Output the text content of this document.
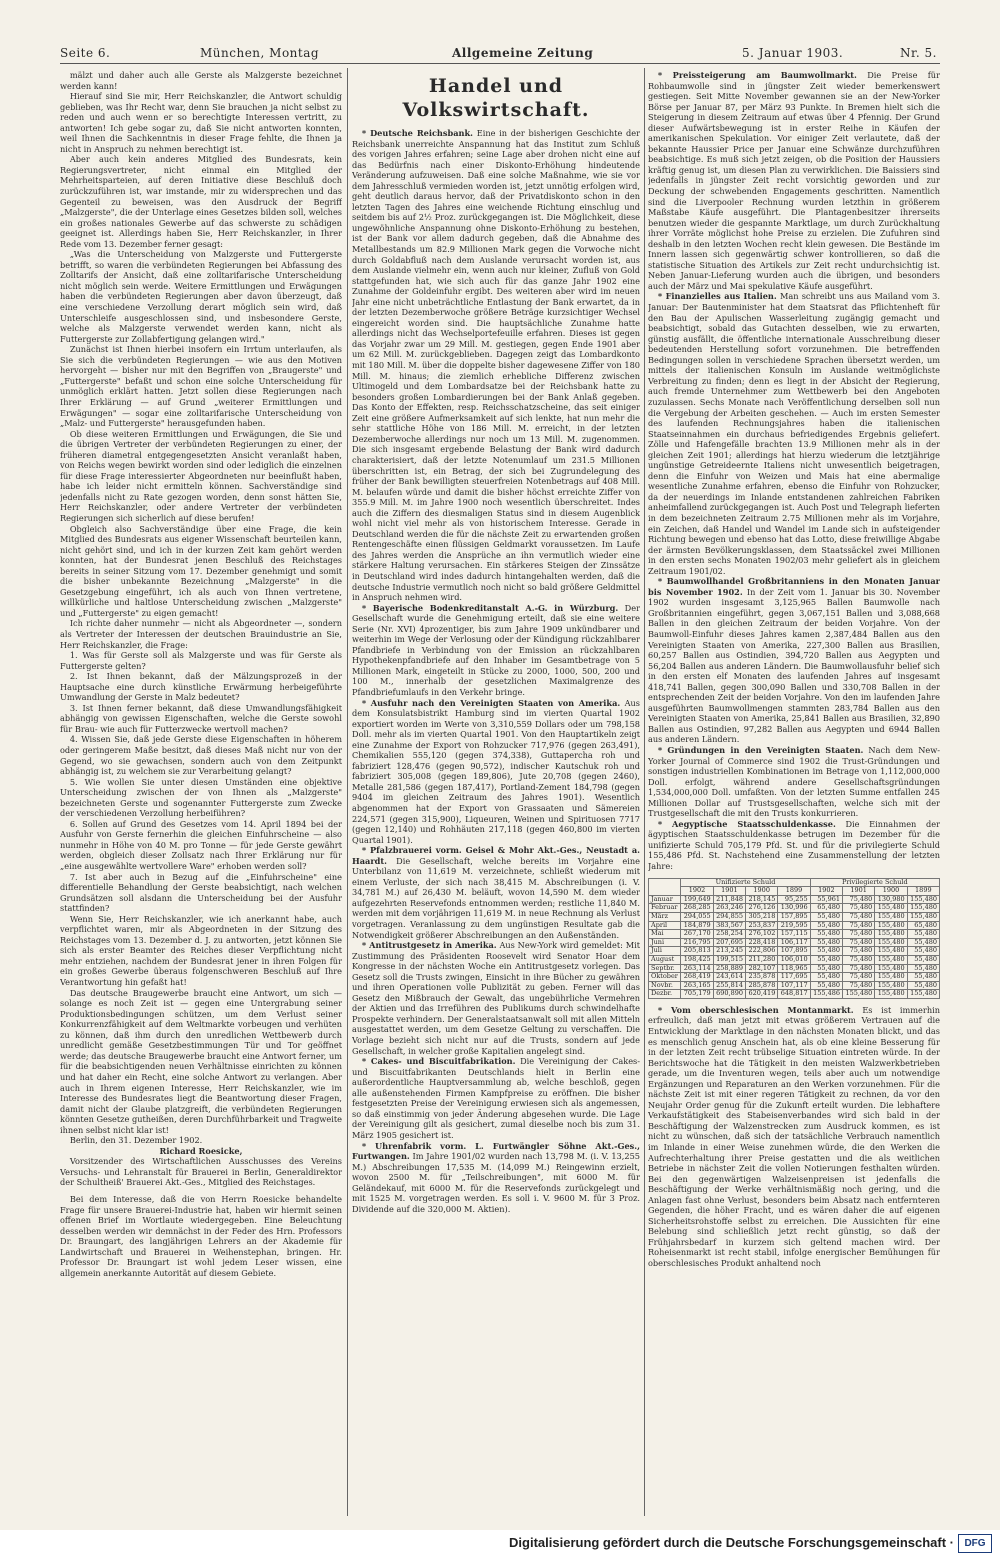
Seite 6.	München, Montag	Allgemeine Zeitung	5. Januar 1903.	Nr. 5.

mälzt und daher auch alle Gerste als Malzgerste bezeichnet werden kann!

Hierauf sind Sie mir, Herr Reichskanzler, die Antwort schuldig geblieben, was Ihr Recht war, denn Sie brauchen ja nicht selbst zu reden und auch wenn er so berechtigte Interessen vertritt, zu antworten! Ich gebe sogar zu, daß Sie nicht antworten konnten, weil Ihnen die Sachkenntnis in dieser Frage fehlte, die Ihnen ja nicht in Anspruch zu nehmen berechtigt ist.

Aber auch kein anderes Mitglied des Bundesrats, kein Regierungsvertreter, nicht einmal ein Mitglied der Mehrheitsparteien, auf deren Initiative diese Beschluß doch zurückzuführen ist, war imstande, mir zu widersprechen und das Gegenteil zu beweisen, was den Ausdruck der Begriff „Malzgerste", die der Unterlage eines Gesetzes bilden soll, welches ein großes nationales Gewerbe auf das schwerste zu schädigen geeignet ist. Allerdings haben Sie, Herr Reichskanzler, in Ihrer Rede vom 13. Dezember ferner gesagt:

„Was die Unterscheidung von Malzgerste und Futtergerste betrifft, so waren die verbündeten Regierungen bei Abfassung des Zolltarifs der Ansicht, daß eine zolltarifarische Unterscheidung nicht möglich sein werde. Weitere Ermittlungen und Erwägungen haben die verbündeten Regierungen aber davon überzeugt, daß eine verschiedene Verzollung derart möglich sein wird, daß Unterschleife ausgeschlossen sind, und insbesondere Gerste, welche als Malzgerste verwendet werden kann, nicht als Futtergerste zur Zollabfertigung gelangen wird."

Zunächst ist Ihnen hierbei insofern ein Irrtum unterlaufen, als Sie sich die verbündeten Regierungen — wie aus den Motiven hervorgeht — bisher nur mit den Begriffen von „Braugerste" und „Futtergerste" befaßt und schon eine solche Unterscheidung für unmöglich erklärt hatten. Jetzt sollen diese Regierungen nach Ihrer Erklärung — auf Grund „weiterer Ermittlungen und Erwägungen" — sogar eine zolltarifarische Unterscheidung von „Malz- und Futtergerste" herausgefunden haben.

Ob diese weiteren Ermittlungen und Erwägungen, die Sie und die übrigen Vertreter der verbündeten Regierungen zu einer, der früheren diametral entgegengesetzten Ansicht veranlaßt haben, von Reichs wegen bewirkt worden sind oder lediglich die einzelnen für diese Frage interessierter Abgeordneten nur beeinflußt haben, habe ich leider nicht ermitteln können. Sachverständige sind jedenfalls nicht zu Rate gezogen worden, denn sonst hätten Sie, Herr Reichskanzler, oder andere Vertreter der verbündeten Regierungen sich sicherlich auf diese berufen!

Obgleich also Sachverständige über eine Frage, die kein Mitglied des Bundesrats aus eigener Wissenschaft beurteilen kann, nicht gehört sind, und ich in der kurzen Zeit kam gehört werden konnten, hat der Bundesrat jenen Beschluß des Reichstages bereits in seiner Sitzung vom 17. Dezember genehmigt und somit die bisher unbekannte Bezeichnung „Malzgerste" in die Gesetzgebung eingeführt, ich als auch von Ihnen vertretene, willkürliche und haltlose Unterscheidung zwischen „Malzgerste" und „Futtergerste" zu eigen gemacht!

Ich richte daher nunmehr — nicht als Abgeordneter —, sondern als Vertreter der Interessen der deutschen Brauindustrie an Sie, Herr Reichskanzler, die Frage:

1. Was für Gerste soll als Malzgerste und was für Gerste als Futtergerste gelten?

2. Ist Ihnen bekannt, daß der Mälzungsprozeß in der Hauptsache eine durch künstliche Erwärmung herbeigeführte Umwandlung der Gerste in Malz bedeutet?

3. Ist Ihnen ferner bekannt, daß diese Umwandlungsfähigkeit abhängig von gewissen Eigenschaften, welche die Gerste sowohl für Brau- wie auch für Futterzwecke wertvoll machen?

4. Wissen Sie, daß jede Gerste diese Eigenschaften in höherem oder geringerem Maße besitzt, daß dieses Maß nicht nur von der Gegend, wo sie gewachsen, sondern auch von dem Zeitpunkt abhängig ist, zu welchem sie zur Verarbeitung gelangt?

5. Wie wollen Sie unter diesen Umständen eine objektive Unterscheidung zwischen der von Ihnen als „Malzgerste" bezeichneten Gerste und sogenannter Futtergerste zum Zwecke der verschiedenen Verzollung herbeiführen?

6. Sollen auf Grund des Gesetzes vom 14. April 1894 bei der Ausfuhr von Gerste fernerhin die gleichen Einfuhrscheine — also nunmehr in Höhe von 40 M. pro Tonne — für jede Gerste gewährt werden, obgleich dieser Zollsatz nach Ihrer Erklärung nur für „eine ausgewählte wertvollere Ware" erhoben werden soll?

7. Ist aber auch in Bezug auf die „Einfuhrscheine" eine differentielle Behandlung der Gerste beabsichtigt, nach welchen Grundsätzen soll alsdann die Unterscheidung bei der Ausfuhr stattfinden?

Wenn Sie, Herr Reichskanzler, wie ich anerkannt habe, auch verpflichtet waren, mir als Abgeordneten in der Sitzung des Reichstages vom 13. Dezember d. J. zu antworten, jetzt können Sie sich als erster Beamter des Reiches dieser Verpflichtung nicht mehr entziehen, nachdem der Bundesrat jener in ihren Folgen für ein großes Gewerbe überaus folgenschweren Beschluß auf Ihre Verantwortung hin gefaßt hat!

Das deutsche Braugewerbe braucht eine Antwort, um sich — solange es noch Zeit ist — gegen eine Untergrabung seiner Produktionsbedingungen schützen, um dem Verlust seiner Konkurrenzfähigkeit auf dem Weltmarkte vorbeugen und verhüten zu können, daß ihm durch den unredlichen Wettbewerb durch unredlicht gemäße Gesetzbestimmungen Tür und Tor geöffnet werde; das deutsche Braugewerbe braucht eine Antwort ferner, um für die beabsichtigenden neuen Verhältnisse einrichten zu können und hat daher ein Recht, eine solche Antwort zu verlangen. Aber auch in Ihrem eigenen Interesse, Herr Reichskanzler, wie im Interesse des Bundesrates liegt die Beantwortung dieser Fragen, damit nicht der Glaube platzgreift, die verbündeten Regierungen könnten Gesetze gutheißen, deren Durchführbarkeit und Tragweite ihnen selbst nicht klar ist!

Berlin, den 31. Dezember 1902.

Richard Roesicke,

Vorsitzender des Wirtschaftlichen Ausschusses des Vereins Versuchs- und Lehranstalt für Brauerei in Berlin, Generaldirektor der Schultheiß' Brauerei Akt.-Ges., Mitglied des Reichstages.

Bei dem Interesse, daß die von Herrn Roesicke behandelte Frage für unsere Brauerei-Industrie hat, haben wir hiermit seinen offenen Brief im Wortlaute wiedergegeben. Eine Beleuchtung desselben werden wir demnächst in der Feder des Hrn. Professors Dr. Braungart, des langjährigen Lehrers an der Akademie für Landwirtschaft und Brauerei in Weihenstephan, bringen. Hr. Professor Dr. Braungart ist wohl jedem Leser wissen, eine allgemein anerkannte Autorität auf diesem Gebiete.

Handel und Volkswirtschaft.

* Deutsche Reichsbank. Eine in der bisherigen Geschichte der Reichsbank unerreichte Anspannung hat das Institut zum Schluß des vorigen Jahres erfahren; seine Lage aber drohen nicht eine auf das Bedürfnis nach einer Diskonto-Erhöhung hindeutende Veränderung aufzuweisen. Daß eine solche Maßnahme, wie sie vor dem Jahresschluß vermieden worden ist, jetzt unnötig erfolgen wird, geht deutlich daraus hervor, daß der Privatdiskonto schon in den letzten Tagen des Jahres eine weichende Richtung einschlug und seitdem bis auf 2½ Proz. zurückgegangen ist. Die Möglichkeit, diese ungewöhnliche Anspannung ohne Diskonto-Erhöhung zu bestehen, ist der Bank vor allem dadurch gegeben, daß die Abnahme des Metallbestands um 82.9 Millionen Mark gegen die Vorwoche nicht durch Goldabfluß nach dem Auslande verursacht worden ist, aus dem Auslande vielmehr ein, wenn auch nur kleiner, Zufluß von Gold stattgefunden hat, wie sich auch für das ganze Jahr 1902 eine Zunahme der Goldeinfuhr ergibt. Des weiteren aber wird im neuen Jahr eine nicht unbeträchtliche Entlastung der Bank erwartet, da in der letzten Dezemberwoche größere Beträge kurzsichtiger Wechsel eingereicht worden sind. Die hauptsächliche Zunahme hatte allerdings nicht das Wechselportefeuille erfahren. Dieses ist gegen das Vorjahr zwar um 29 Mill. M. gestiegen, gegen Ende 1901 aber um 62 Mill. M. zurückgeblieben. Dagegen zeigt das Lombardkonto mit 180 Mill. M. über die doppelte bisher dagewesene Ziffer von 180 Mill. M. hinaus; die ziemlich erhebliche Differenz zwischen Ultimogeld und dem Lombardsatze bei der Reichsbank hatte zu besonders großen Lombardierungen bei der Bank Anlaß gegeben. Das Konto der Effekten, resp. Reichsschatzscheine, das seit einiger Zeit eine größere Aufmerksamkeit auf sich lenkte, hat nun mehr die sehr stattliche Höhe von 186 Mill. M. erreicht, in der letzten Dezemberwoche allerdings nur noch um 13 Mill. M. zugenommen. Die sich insgesamt ergebende Belastung der Bank wird dadurch charakterisiert, daß der letzte Notenumlauf um 231.5 Millionen überschritten ist, ein Betrag, der sich bei Zugrundelegung des früher der Bank bewilligten steuerfreien Notenbetrags auf 408 Mill. M. belaufen würde und damit die bisher höchst erreichte Ziffer von 355.9 Mill. M. im Jahre 1900 noch wesentlich überschreitet. Indes auch die Ziffern des diesmaligen Status sind in diesem Augenblick wohl nicht viel mehr als von historischem Interesse. Gerade in Deutschland werden die für die nächste Zeit zu erwartenden großen Rentengeschäfte einen flüssigen Geldmarkt voraussetzen. Im Laufe des Jahres werden die Ansprüche an ihn vermutlich wieder eine stärkere Haltung verursachen. Ein stärkeres Steigen der Zinssätze in Deutschland wird indes dadurch hintangehalten werden, daß die deutsche Industrie vermutlich noch nicht so bald größere Geldmittel in Anspruch nehmen wird.

* Bayerische Bodenkreditanstalt A.-G. in Würzburg. Der Gesellschaft wurde die Genehmigung erteilt, daß sie eine weitere Serie (Nr. XVI) 4prozentiger, bis zum Jahre 1909 unkündbarer und weiterhin im Wege der Verlosung oder der Kündigung rückzahlbarer Pfandbriefe in Verbindung von der Emission an rückzahlbaren Hypothekenpfandbriefe auf den Inhaber im Gesamtbetrage von 5 Millionen Mark, eingeteilt in Stücke zu 2000, 1000, 500, 200 und 100 M., innerhalb der gesetzlichen Maximalgrenze des Pfandbriefumlaufs in den Verkehr bringe.

* Ausfuhr nach den Vereinigten Staaten von Amerika. Aus dem Konsulatsbistrikt Hamburg sind im vierten Quartal 1902 exportiert worden im Werte von 3,310,559 Dollars oder um 798,158 Doll. mehr als im vierten Quartal 1901. Von den Hauptartikeln zeigt eine Zunahme der Export von Rohzucker 717,976 (gegen 263,491), Chemikalien 555,120 (gegen 374,338), Guttapercha roh und fabriziert 128,476 (gegen 90,572), indischer Kautschuk roh und fabriziert 305,008 (gegen 189,806), Jute 20,708 (gegen 2460), Metalle 281,586 (gegen 187,417), Portland-Zement 184,798 (gegen 9404 im gleichen Zeitraum des Jahres 1901). Wesentlich abgenommen hat der Export von Grassaaten und Sämereien 224,571 (gegen 315,900), Liqueuren, Weinen und Spirituosen 7717 (gegen 12,140) und Rohhäuten 217,118 (gegen 460,800 im vierten Quartal 1901).

* Pfalzbrauerei vorm. Geisel & Mohr Akt.-Ges., Neustadt a. Haardt. Die Gesellschaft, welche bereits im Vorjahre eine Unterbilanz von 11,619 M. verzeichnete, schließt wiederum mit einem Verluste, der sich nach 38,415 M. Abschreibungen (i. V. 34,781 M.) auf 26,430 M. beläuft, wovon 14,590 M. dem wieder aufgezehrten Reservefonds entnommen werden; restliche 11,840 M. werden mit dem vorjährigen 11,619 M. in neue Rechnung als Verlust vorgetragen. Veranlassung zu dem ungünstigen Resultate gab die Notwendigkeit größerer Abschreibungen an den Außenständen.

* Antitrustgesetz in Amerika. Aus New-York wird gemeldet: Mit Zustimmung des Präsidenten Roosevelt wird Senator Hoar dem Kongresse in der nächsten Woche ein Antitrustgesetz vorlegen. Das Gesetz soll die Trusts zwingen, Einsicht in ihre Bücher zu gewähren und ihren Operationen volle Publizität zu geben. Ferner will das Gesetz den Mißbrauch der Gewalt, das ungebührliche Vermehren der Aktien und das Irreführen des Publikums durch schwindelhafte Prospekte verhindern. Der Generalstaatsanwalt soll mit allen Mitteln ausgestattet werden, um dem Gesetze Geltung zu verschaffen. Die Vorlage bezieht sich nicht nur auf die Trusts, sondern auf jede Gesellschaft, in welcher große Kapitalien angelegt sind.

* Cakes- und Biscuitfabrikation. Die Vereinigung der Cakes- und Biscuitfabrikanten Deutschlands hielt in Berlin eine außerordentliche Hauptversammlung ab, welche beschloß, gegen alle außenstehenden Firmen Kampfpreise zu eröffnen. Die bisher festgesetzten Preise der Vereinigung erwiesen sich als angemessen, so daß einstimmig von jeder Änderung abgesehen wurde. Die Lage der Vereinigung gilt als gesichert, zumal dieselbe noch bis zum 31. März 1905 gesichert ist.

* Uhrenfabrik vorm. L. Furtwängler Söhne Akt.-Ges., Furtwangen. Im Jahre 1901/02 wurden nach 13,798 M. (i. V. 13,255 M.) Abschreibungen 17,535 M. (14,099 M.) Reingewinn erzielt, wovon 2500 M. für „Teilschreibungen", mit 6000 M. für Geländekauf, mit 6000 M. für die Reservefonds zurückgelegt und mit 1525 M. vorgetragen werden. Es soll i. V. 9600 M. für 3 Proz. Dividende auf die 320,000 M. Aktien).

* Preissteigerung am Baumwollmarkt. Die Preise für Rohbaumwolle sind in jüngster Zeit wieder bemerkenswert gestiegen. Seit Mitte November gewannen sie an der New-Yorker Börse per Januar 87, per März 93 Punkte. In Bremen hielt sich die Steigerung in diesem Zeitraum auf etwas über 4 Pfennig. Der Grund dieser Aufwärtsbewegung ist in erster Reihe in Käufen der amerikanischen Spekulation. Vor einiger Zeit verlautete, daß der bekannte Haussier Price per Januar eine Schwänze durchzuführen beabsichtige. Es muß sich jetzt zeigen, ob die Position der Haussiers kräftig genug ist, um diesen Plan zu verwirklichen. Die Baissiers sind jedenfalls in jüngster Zeit recht vorsichtig geworden und zur Deckung der schwebenden Engagements geschritten. Namentlich sind die Liverpooler Rechnung wurden letzthin in größerem Maßstabe Käufe ausgeführt. Die Plantagenbesitzer ihrerseits benutzen wieder die gespannte Marktlage, um durch Zurückhaltung ihrer Vorräte möglichst hohe Preise zu erzielen. Die Zufuhren sind deshalb in den letzten Wochen recht klein gewesen. Die Bestände im Innern lassen sich gegenwärtig schwer kontrollieren, so daß die statistische Situation des Artikels zur Zeit recht undurchsichtig ist. Neben Januar-Lieferung wurden auch die übrigen, und besonders auch der März und Mai spekulative Käufe ausgeführt.

* Finanzielles aus Italien. Man schreibt uns aus Mailand vom 3. Januar: Der Bautenminister hat dem Staatsrat das Pflichtenheft für den Bau der Apulischen Wasserleitung zugängig gemacht und beabsichtigt, sobald das Gutachten desselben, wie zu erwarten, günstig ausfällt, die öffentliche internationale Ausschreibung dieser bedeutenden Herstellung sofort vorzunehmen. Die betreffenden Bedingungen sollen in verschiedene Sprachen übersetzt werden, um mittels der italienischen Konsuln im Auslande weitmöglichste Verbreitung zu finden; denn es liegt in der Absicht der Regierung, auch fremde Unternehmer zum Wettbewerb bei den Angeboten zuzulassen. Sechs Monate nach Veröffentlichung derselben soll nun die Vergebung der Arbeiten geschehen. — Auch im ersten Semester des laufenden Rechnungsjahres haben die italienischen Staatseinnahmen ein durchaus befriedigendes Ergebnis geliefert. Zölle und Hafengefälle brachten 13.9 Millionen mehr als in der gleichen Zeit 1901; allerdings hat hierzu wiederum die letztjährige ungünstige Getreideernte Italiens nicht unwesentlich beigetragen, denn die Einfuhr von Weizen und Mais hat eine abermalige wesentliche Zunahme erfahren, ebenso die Einfuhr von Rohzucker, da der neuerdings im Inlande entstandenen zahlreichen Fabriken anheimfallend zurückgegangen ist. Auch Post und Telegraph lieferten in dem bezeichneten Zeitraum 2.75 Millionen mehr als im Vorjahre, ein Zeichen, daß Handel und Wandel im Lande sich in aufsteigender Richtung bewegen und ebenso hat das Lotto, diese freiwillige Abgabe der ärmsten Bevölkerungsklassen, dem Staatssäckel zwei Millionen in den ersten sechs Monaten 1902/03 mehr geliefert als in gleichem Zeitraum 1901/02.

* Baumwollhandel Großbritanniens in den Monaten Januar bis November 1902. In der Zeit vom 1. Januar bis 30. November 1902 wurden insgesamt 3,125,965 Ballen Baumwolle nach Großbritannien eingeführt, gegen 3,067,151 Ballen und 3,088,668 Ballen in den gleichen Zeitraum der beiden Vorjahre. Von der Baumwoll-Einfuhr dieses Jahres kamen 2,387,484 Ballen aus den Vereinigten Staaten von Amerika, 227,300 Ballen aus Brasilien, 60,257 Ballen aus Ostindien, 394,720 Ballen aus Aegypten und 56,204 Ballen aus anderen Ländern. Die Baumwollausfuhr belief sich in den ersten elf Monaten des laufenden Jahres auf insgesamt 418,741 Ballen, gegen 300,090 Ballen und 330,708 Ballen in der entsprechenden Zeit der beiden Vorjahre. Von den im laufenden Jahre ausgeführten Baumwollmengen stammten 283,784 Ballen aus den Vereinigten Staaten von Amerika, 25,841 Ballen aus Brasilien, 32,890 Ballen aus Ostindien, 97,282 Ballen aus Aegypten und 6944 Ballen aus anderen Ländern.

* Gründungen in den Vereinigten Staaten. Nach dem New-Yorker Journal of Commerce sind 1902 die Trust-Gründungen und sonstigen industriellen Kombinationen im Betrage von 1,112,000,000 Doll. erfolgt, während andere Gesellschaftsgründungen 1,534,000,000 Doll. umfaßten. Von der letzten Summe entfallen 245 Millionen Dollar auf Trustsgesellschaften, welche sich mit der Trustgesellschaft die mit den Trusts konkurrieren.

* Aegyptische Staatsschuldenkasse. Die Einnahmen der ägyptischen Staatsschuldenkasse betrugen im Dezember für die unifizierte Schuld 705,179 Pfd. St. und für die privilegierte Schuld 155,486 Pfd. St. Nachstehend eine Zusammenstellung der letzten Jahre:

	Unifizierte Schuld				Privilegierte Schuld			
	1902	1901	1900	1899	1902	1901	1900	1899
Januar	199,649	211,848	218,145	95,255	55,961	75,480	130,980	155,480
Februar	268,285	263,246	276,126	130,996	65,480	75,480	155,480	155,480
März	294,055	294,855	305,218	157,895	55,480	75,480	155,480	155,480
April	184,879	383,567	253,837	219,595	55,480	75,480	155,480	65,480
Mai	267,170	258,254	276,102	157,115	55,480	75,480	155,480	55,480
Juni	216,795	207,695	228,418	106,117	55,480	75,480	155,480	55,480
Juli	205,813	213,245	222,806	107,895	55,480	75,480	155,480	55,480
August	198,425	199,515	211,280	106,010	55,480	75,480	155,480	55,480
Septbr.	263,114	258,889	282,107	118,965	55,480	75,480	155,480	55,480
Oktober	268,419	243,614	235,878	117,695	55,480	75,480	155,480	55,480
Novbr.	263,165	255,814	285,878	107,117	55,480	75,480	155,480	55,480
Dezbr.	705,179	690,890	620,419	648,817	155,486	155,480	155,480	155,480

* Vom oberschlesischen Montanmarkt. Es ist immerhin erfreulich, daß man jetzt mit etwas größerem Vertrauen auf die Entwicklung der Marktlage in den nächsten Monaten blickt, und das es menschlich genug Anschein hat, als ob eine kleine Besserung für in der letzten Zeit recht trübselige Situation eintreten würde. In der Berichtswoche hat die Tätigkeit in den meisten Walzwerkbetrieben gerade, um die Inventuren wegen, teils aber auch um notwendige Ergänzungen und Reparaturen an den Werken vorzunehmen. Für die nächste Zeit ist mit einer regeren Tätigkeit zu rechnen, da vor den Neujahr Order genug für die Zukunft erteilt wurden. Die lebhaftere Verkaufstätigkeit des Stabeisenverbandes wird sich bald in der Beschäftigung der Walzenstrecken zum Ausdruck kommen, es ist nicht zu wünschen, daß sich der tatsächliche Verbrauch namentlich im Inlande in einer Weise zunehmen würde, die den Werken die Aufrechterhaltung ihrer Preise gestatten und die als weitlichen Betriebe in nächster Zeit die vollen Notierungen festhalten würden. Bei den gegenwärtigen Walzeisenpreisen ist jedenfalls die Beschäftigung der Werke verhältnismäßig noch gering, und die Anlagen fast ohne Verlust, besonders beim Absatz nach entfernteren Gegenden, die höher Fracht, und es wären daher die auf eigenen Sicherheitsrohstoffe selbst zu erreichen. Die Aussichten für eine Belebung sind schließlich jetzt recht günstig, so daß der Frühjahrsbedarf in kurzem sich geltend machen wird. Der Roheisenmarkt ist recht stabil, infolge energischer Bemühungen für oberschlesisches Produkt anhaltend noch

Digitalisierung gefördert durch die Deutsche Forschungsgemeinschaft ·	DFG
